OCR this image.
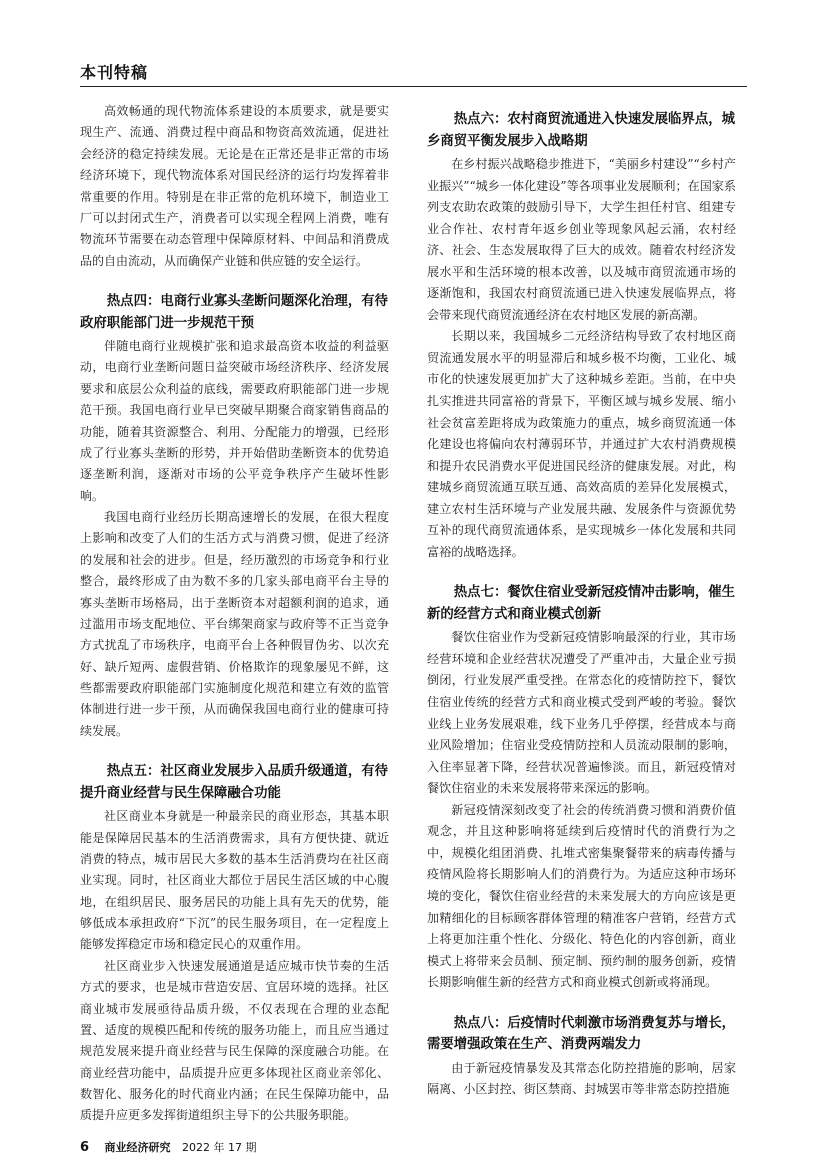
本刊特稿

高效畅通的现代物流体系建设的本质要求，就是要实现生产、流通、消费过程中商品和物资高效流通，促进社会经济的稳定持续发展。无论是在正常还是非正常的市场经济环境下，现代物流体系对国民经济的运行均发挥着非常重要的作用。特别是在非正常的危机环境下，制造业工厂可以封闭式生产，消费者可以实现全程网上消费，唯有物流环节需要在动态管理中保障原材料、中间品和消费成品的自由流动，从而确保产业链和供应链的安全运行。

热点四：电商行业寡头垄断问题深化治理，有待政府职能部门进一步规范干预

伴随电商行业规模扩张和追求最高资本收益的利益驱动，电商行业垄断问题日益突破市场经济秩序、经济发展要求和底层公众利益的底线，需要政府职能部门进一步规范干预。我国电商行业早已突破早期聚合商家销售商品的功能，随着其资源整合、利用、分配能力的增强，已经形成了行业寡头垄断的形势，并开始借助垄断资本的优势追逐垄断利润，逐渐对市场的公平竞争秩序产生破坏性影响。

我国电商行业经历长期高速增长的发展，在很大程度上影响和改变了人们的生活方式与消费习惯，促进了经济的发展和社会的进步。但是，经历激烈的市场竞争和行业整合，最终形成了由为数不多的几家头部电商平台主导的寡头垄断市场格局，出于垄断资本对超额利润的追求，通过滥用市场支配地位、平台绑架商家与政府等不正当竞争方式扰乱了市场秩序，电商平台上各种假冒伪劣、以次充好、缺斤短两、虚假营销、价格欺诈的现象屡见不鲜，这些都需要政府职能部门实施制度化规范和建立有效的监管体制进行进一步干预，从而确保我国电商行业的健康可持续发展。

热点五：社区商业发展步入品质升级通道，有待提升商业经营与民生保障融合功能

社区商业本身就是一种最亲民的商业形态，其基本职能是保障居民基本的生活消费需求，具有方便快捷、就近消费的特点，城市居民大多数的基本生活消费均在社区商业实现。同时，社区商业大都位于居民生活区域的中心腹地，在组织居民、服务居民的功能上具有先天的优势，能够低成本承担政府“下沉”的民生服务项目，在一定程度上能够发挥稳定市场和稳定民心的双重作用。

社区商业步入快速发展通道是适应城市快节奏的生活方式的要求，也是城市营造安居、宜居环境的选择。社区商业城市发展亟待品质升级，不仅表现在合理的业态配置、适度的规模匹配和传统的服务功能上，而且应当通过规范发展来提升商业经营与民生保障的深度融合功能。在商业经营功能中，品质提升应更多体现社区商业亲邻化、数智化、服务化的时代商业内涵；在民生保障功能中，品质提升应更多发挥街道组织主导下的公共服务职能。

热点六：农村商贸流通进入快速发展临界点，城乡商贸平衡发展步入战略期

在乡村振兴战略稳步推进下，“美丽乡村建设”“乡村产业振兴”“城乡一体化建设”等各项事业发展顺利；在国家系列支农助农政策的鼓励引导下，大学生担任村官、组建专业合作社、农村青年返乡创业等现象风起云涌，农村经济、社会、生态发展取得了巨大的成效。随着农村经济发展水平和生活环境的根本改善，以及城市商贸流通市场的逐渐饱和，我国农村商贸流通已进入快速发展临界点，将会带来现代商贸流通经济在农村地区发展的新高潮。

长期以来，我国城乡二元经济结构导致了农村地区商贸流通发展水平的明显滞后和城乡极不均衡，工业化、城市化的快速发展更加扩大了这种城乡差距。当前，在中央扎实推进共同富裕的背景下，平衡区域与城乡发展、缩小社会贫富差距将成为政策施力的重点，城乡商贸流通一体化建设也将偏向农村薄弱环节，并通过扩大农村消费规模和提升农民消费水平促进国民经济的健康发展。对此，构建城乡商贸流通互联互通、高效高质的差异化发展模式，建立农村生活环境与产业发展共融、发展条件与资源优势互补的现代商贸流通体系，是实现城乡一体化发展和共同富裕的战略选择。

热点七：餐饮住宿业受新冠疫情冲击影响，催生新的经营方式和商业模式创新

餐饮住宿业作为受新冠疫情影响最深的行业，其市场经营环境和企业经营状况遭受了严重冲击，大量企业亏损倒闭，行业发展严重受挫。在常态化的疫情防控下，餐饮住宿业传统的经营方式和商业模式受到严峻的考验。餐饮业线上业务发展艰难，线下业务几乎停摆，经营成本与商业风险增加；住宿业受疫情防控和人员流动限制的影响，入住率显著下降，经营状况普遍惨淡。而且，新冠疫情对餐饮住宿业的未来发展将带来深远的影响。

新冠疫情深刻改变了社会的传统消费习惯和消费价值观念，并且这种影响将延续到后疫情时代的消费行为之中，规模化组团消费、扎堆式密集聚餐带来的病毒传播与疫情风险将长期影响人们的消费行为。为适应这种市场环境的变化，餐饮住宿业经营的未来发展大的方向应该是更加精细化的目标顾客群体管理的精准客户营销，经营方式上将更加注重个性化、分级化、特色化的内容创新，商业模式上将带来会员制、预定制、预约制的服务创新，疫情长期影响催生新的经营方式和商业模式创新或将涌现。

热点八：后疫情时代刺激市场消费复苏与增长，需要增强政策在生产、消费两端发力

由于新冠疫情暴发及其常态化防控措施的影响，居家隔离、小区封控、街区禁商、封城罢市等非常态防控措施

6 商业经济研究 2022 年 17 期
